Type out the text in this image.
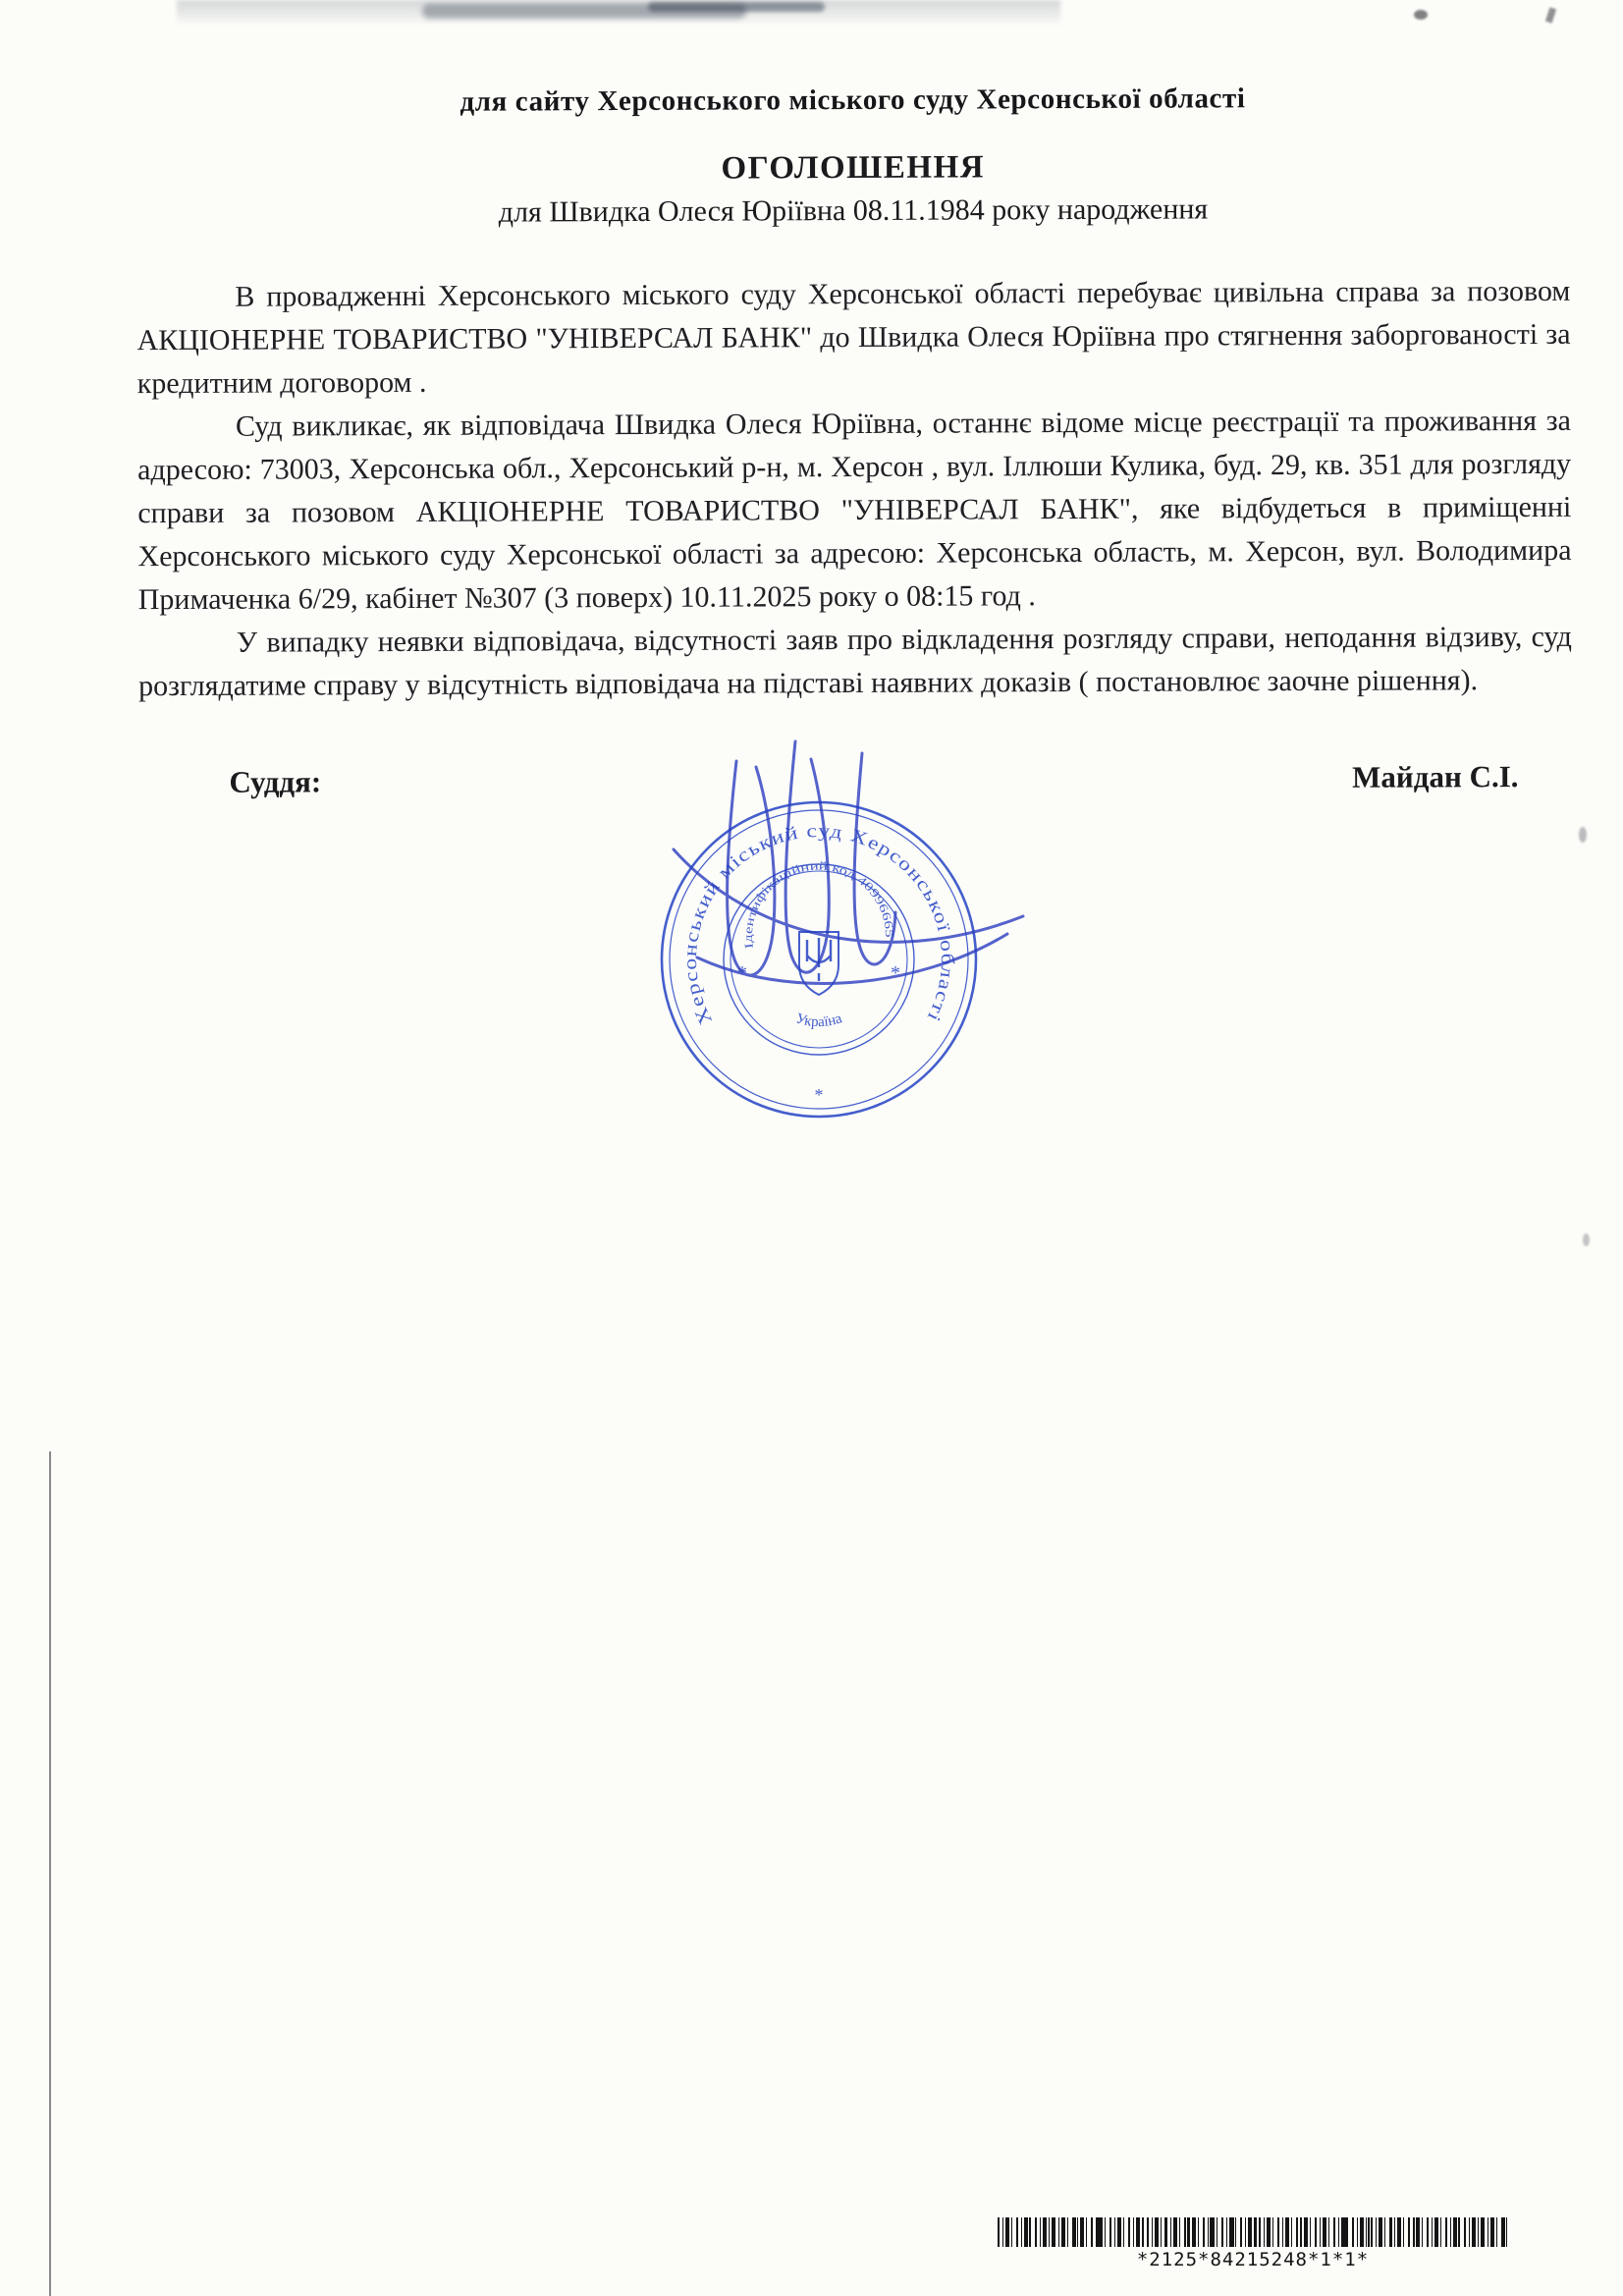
для сайту Херсонського міського суду Херсонської області

ОГОЛОШЕННЯ

для Швидка Олеся Юріївна 08.11.1984 року народження

В провадженні Херсонського міського суду Херсонської області перебуває цивільна справа за позовом АКЦІОНЕРНЕ ТОВАРИСТВО "УНІВЕРСАЛ БАНК" до Швидка Олеся Юріївна про стягнення заборгованості за кредитним договором .

Суд викликає, як відповідача Швидка Олеся Юріївна, останнє відоме місце реєстрації та проживання за адресою: 73003, Херсонська обл., Херсонський р-н, м. Херсон , вул. Іллюши Кулика, буд. 29, кв. 351 для розгляду справи за позовом АКЦІОНЕРНЕ ТОВАРИСТВО "УНІВЕРСАЛ БАНК", яке відбудеться в приміщенні Херсонського міського суду Херсонської області за адресою: Херсонська область, м. Херсон, вул. Володимира Примаченка 6/29, кабінет №307 (3 поверх) 10.11.2025 року о 08:15 год .

У випадку неявки відповідача, відсутності заяв про відкладення розгляду справи, неподання відзиву, суд розглядатиме справу у відсутність відповідача на підставі наявних доказів ( постановлює заочне рішення).

Суддя:	Майдан С.І.
Херсонський міський суд Херсонської області
Ідентифікаційний код 40996665
Україна
*	*
*
*2125*84215248*1*1*
